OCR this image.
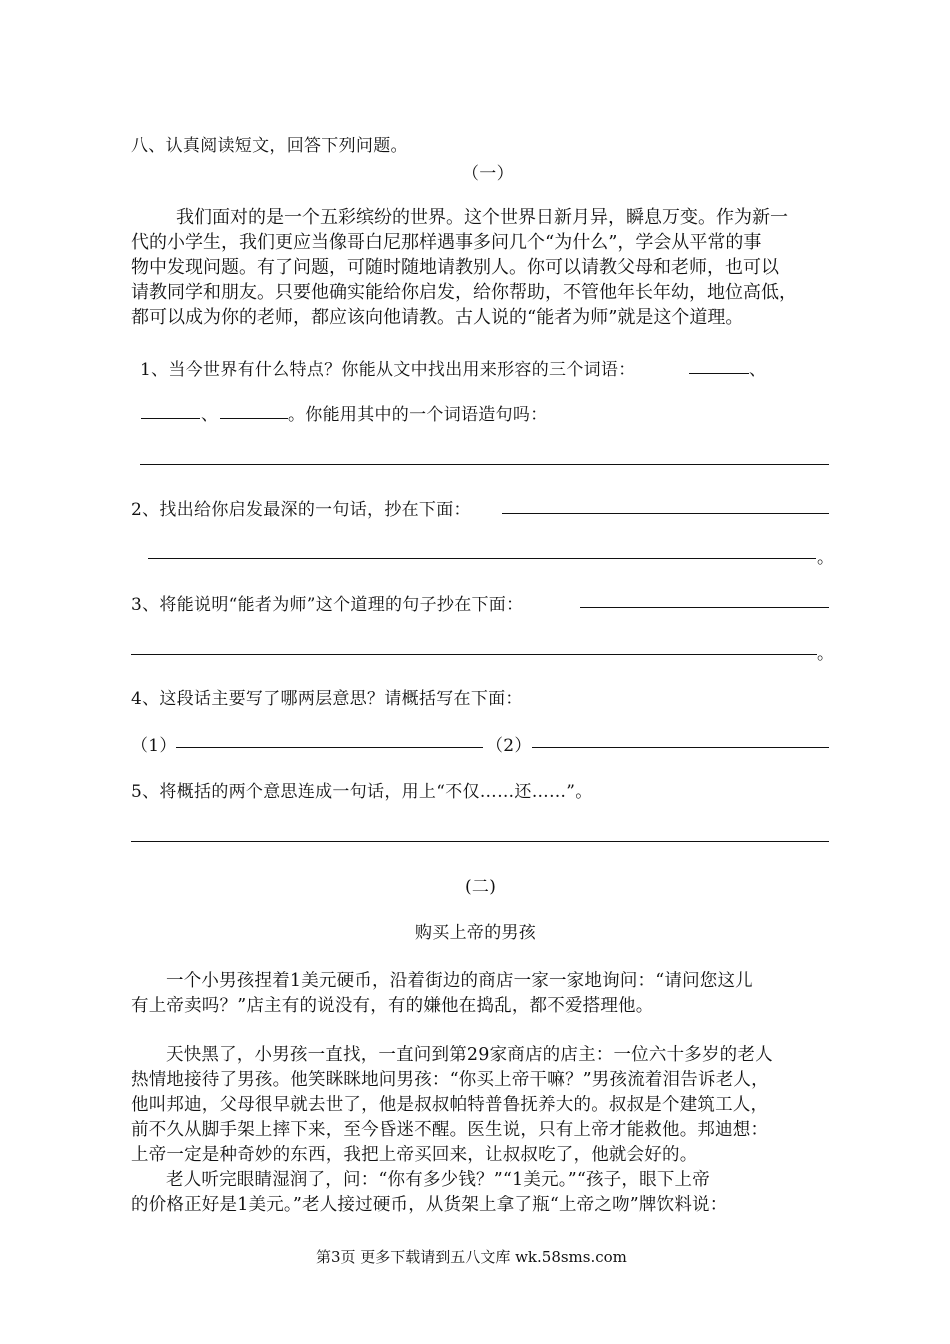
八、认真阅读短文，回答下列问题。
（一）
我们面对的是一个五彩缤纷的世界。这个世界日新月异，瞬息万变。作为新一
代的小学生，我们更应当像哥白尼那样遇事多问几个“为什么”，学会从平常的事
物中发现问题。有了问题，可随时随地请教别人。你可以请教父母和老师，也可以
请教同学和朋友。只要他确实能给你启发，给你帮助，不管他年长年幼，地位高低，
都可以成为你的老师，都应该向他请教。古人说的“能者为师”就是这个道理。
1、当今世界有什么特点？你能从文中找出用来形容的三个词语：	、
、	。你能用其中的一个词语造句吗：
2、找出给你启发最深的一句话，抄在下面：
。
3、将能说明“能者为师”这个道理的句子抄在下面：
。
4、这段话主要写了哪两层意思？请概括写在下面：
（1）	（2）
5、将概括的两个意思连成一句话，用上“不仅……还……”。
(二)
购买上帝的男孩
一个小男孩捏着1美元硬币，沿着街边的商店一家一家地询问：“请问您这儿
有上帝卖吗？”店主有的说没有，有的嫌他在捣乱，都不爱搭理他。
天快黑了，小男孩一直找，一直问到第29家商店的店主：一位六十多岁的老人
热情地接待了男孩。他笑眯眯地问男孩：“你买上帝干嘛？”男孩流着泪告诉老人，
他叫邦迪，父母很早就去世了，他是叔叔帕特普鲁抚养大的。叔叔是个建筑工人，
前不久从脚手架上摔下来，至今昏迷不醒。医生说，只有上帝才能救他。邦迪想：
上帝一定是种奇妙的东西，我把上帝买回来，让叔叔吃了，他就会好的。
老人听完眼睛湿润了，问：“你有多少钱？”“1美元。”“孩子，眼下上帝
的价格正好是1美元。”老人接过硬币，从货架上拿了瓶“上帝之吻”牌饮料说：
第3页 更多下载请到五八文库 wk.58sms.com
